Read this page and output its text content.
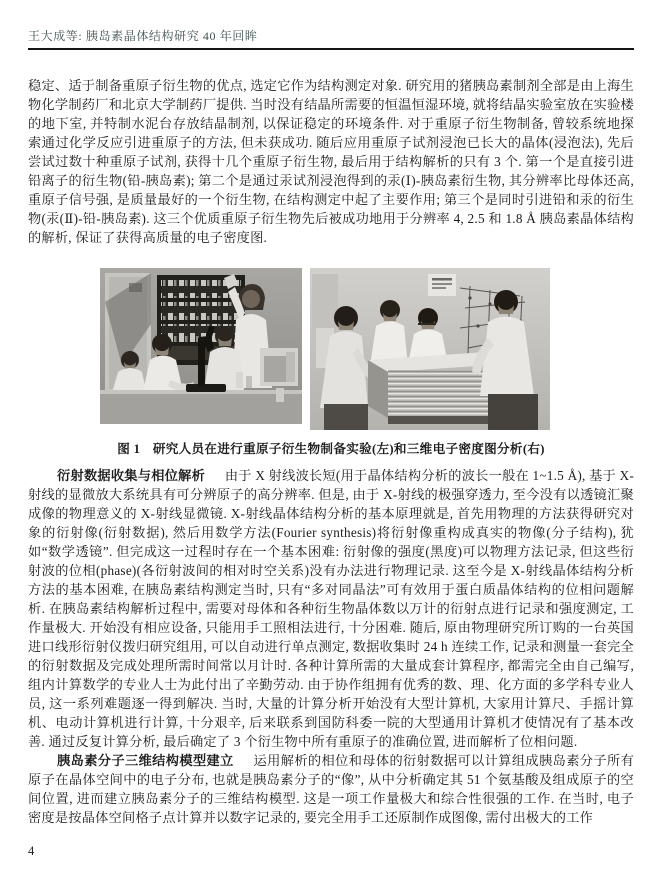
王大成等: 胰岛素晶体结构研究 40 年回眸

稳定、适于制备重原子衍生物的优点, 选定它作为结构测定对象. 研究用的猪胰岛素制剂全部是由上海生物化学制药厂和北京大学制药厂提供. 当时没有结晶所需要的恒温恒湿环境, 就将结晶实验室放在实验楼的地下室, 并特制水泥台存放结晶制剂, 以保证稳定的环境条件. 对于重原子衍生物制备, 曾较系统地探索通过化学反应引进重原子的方法, 但未获成功. 随后应用重原子试剂浸泡已长大的晶体(浸泡法), 先后尝试过数十种重原子试剂, 获得十几个重原子衍生物, 最后用于结构解析的只有 3 个. 第一个是直接引进铅离子的衍生物(铅-胰岛素); 第二个是通过汞试剂浸泡得到的汞(Ⅰ)-胰岛素衍生物, 其分辨率比母体还高, 重原子信号强, 是质量最好的一个衍生物, 在结构测定中起了主要作用; 第三个是同时引进铅和汞的衍生物(汞(Ⅱ)-铅-胰岛素). 这三个优质重原子衍生物先后被成功地用于分辨率 4, 2.5 和 1.8 Å 胰岛素晶体结构的解析, 保证了获得高质量的电子密度图.

图 1 研究人员在进行重原子衍生物制备实验(左)和三维电子密度图分析(右)

衍射数据收集与相位解析 由于 X 射线波长短(用于晶体结构分析的波长一般在 1~1.5 Å), 基于 X-射线的显微放大系统具有可分辨原子的高分辨率. 但是, 由于 X-射线的极强穿透力, 至今没有以透镜汇聚成像的物理意义的 X-射线显微镜. X-射线晶体结构分析的基本原理就是, 首先用物理的方法获得研究对象的衍射像(衍射数据), 然后用数学方法(Fourier synthesis)将衍射像重构成真实的物像(分子结构), 犹如“数学透镜”. 但完成这一过程时存在一个基本困难: 衍射像的强度(黑度)可以物理方法记录, 但这些衍射波的位相(phase)(各衍射波间的相对时空关系)没有办法进行物理记录. 这至今是 X-射线晶体结构分析方法的基本困难, 在胰岛素结构测定当时, 只有“多对同晶法”可有效用于蛋白质晶体结构的位相问题解析. 在胰岛素结构解析过程中, 需要对母体和各种衍生物晶体数以万计的衍射点进行记录和强度测定, 工作量极大. 开始没有相应设备, 只能用手工照相法进行, 十分困难. 随后, 原由物理研究所订购的一台英国进口线形衍射仪拨归研究组用, 可以自动进行单点测定, 数据收集时 24 h 连续工作, 记录和测量一套完全的衍射数据及完成处理所需时间常以月计时. 各种计算所需的大量成套计算程序, 都需完全由自己编写, 组内计算数学的专业人士为此付出了辛勤劳动. 由于协作组拥有优秀的数、理、化方面的多学科专业人员, 这一系列难题逐一得到解决. 当时, 大量的计算分析开始没有大型计算机, 大家用计算尺、手摇计算机、电动计算机进行计算, 十分艰辛, 后来联系到国防科委一院的大型通用计算机才使情况有了基本改善. 通过反复计算分析, 最后确定了 3 个衍生物中所有重原子的准确位置, 进而解析了位相问题.

胰岛素分子三维结构模型建立 运用解析的相位和母体的衍射数据可以计算组成胰岛素分子所有原子在晶体空间中的电子分布, 也就是胰岛素分子的“像”, 从中分析确定其 51 个氨基酸及组成原子的空间位置, 进而建立胰岛素分子的三维结构模型. 这是一项工作量极大和综合性很强的工作. 在当时, 电子密度是按晶体空间格子点计算并以数字记录的, 要完全用手工还原制作成图像, 需付出极大的工作

4
